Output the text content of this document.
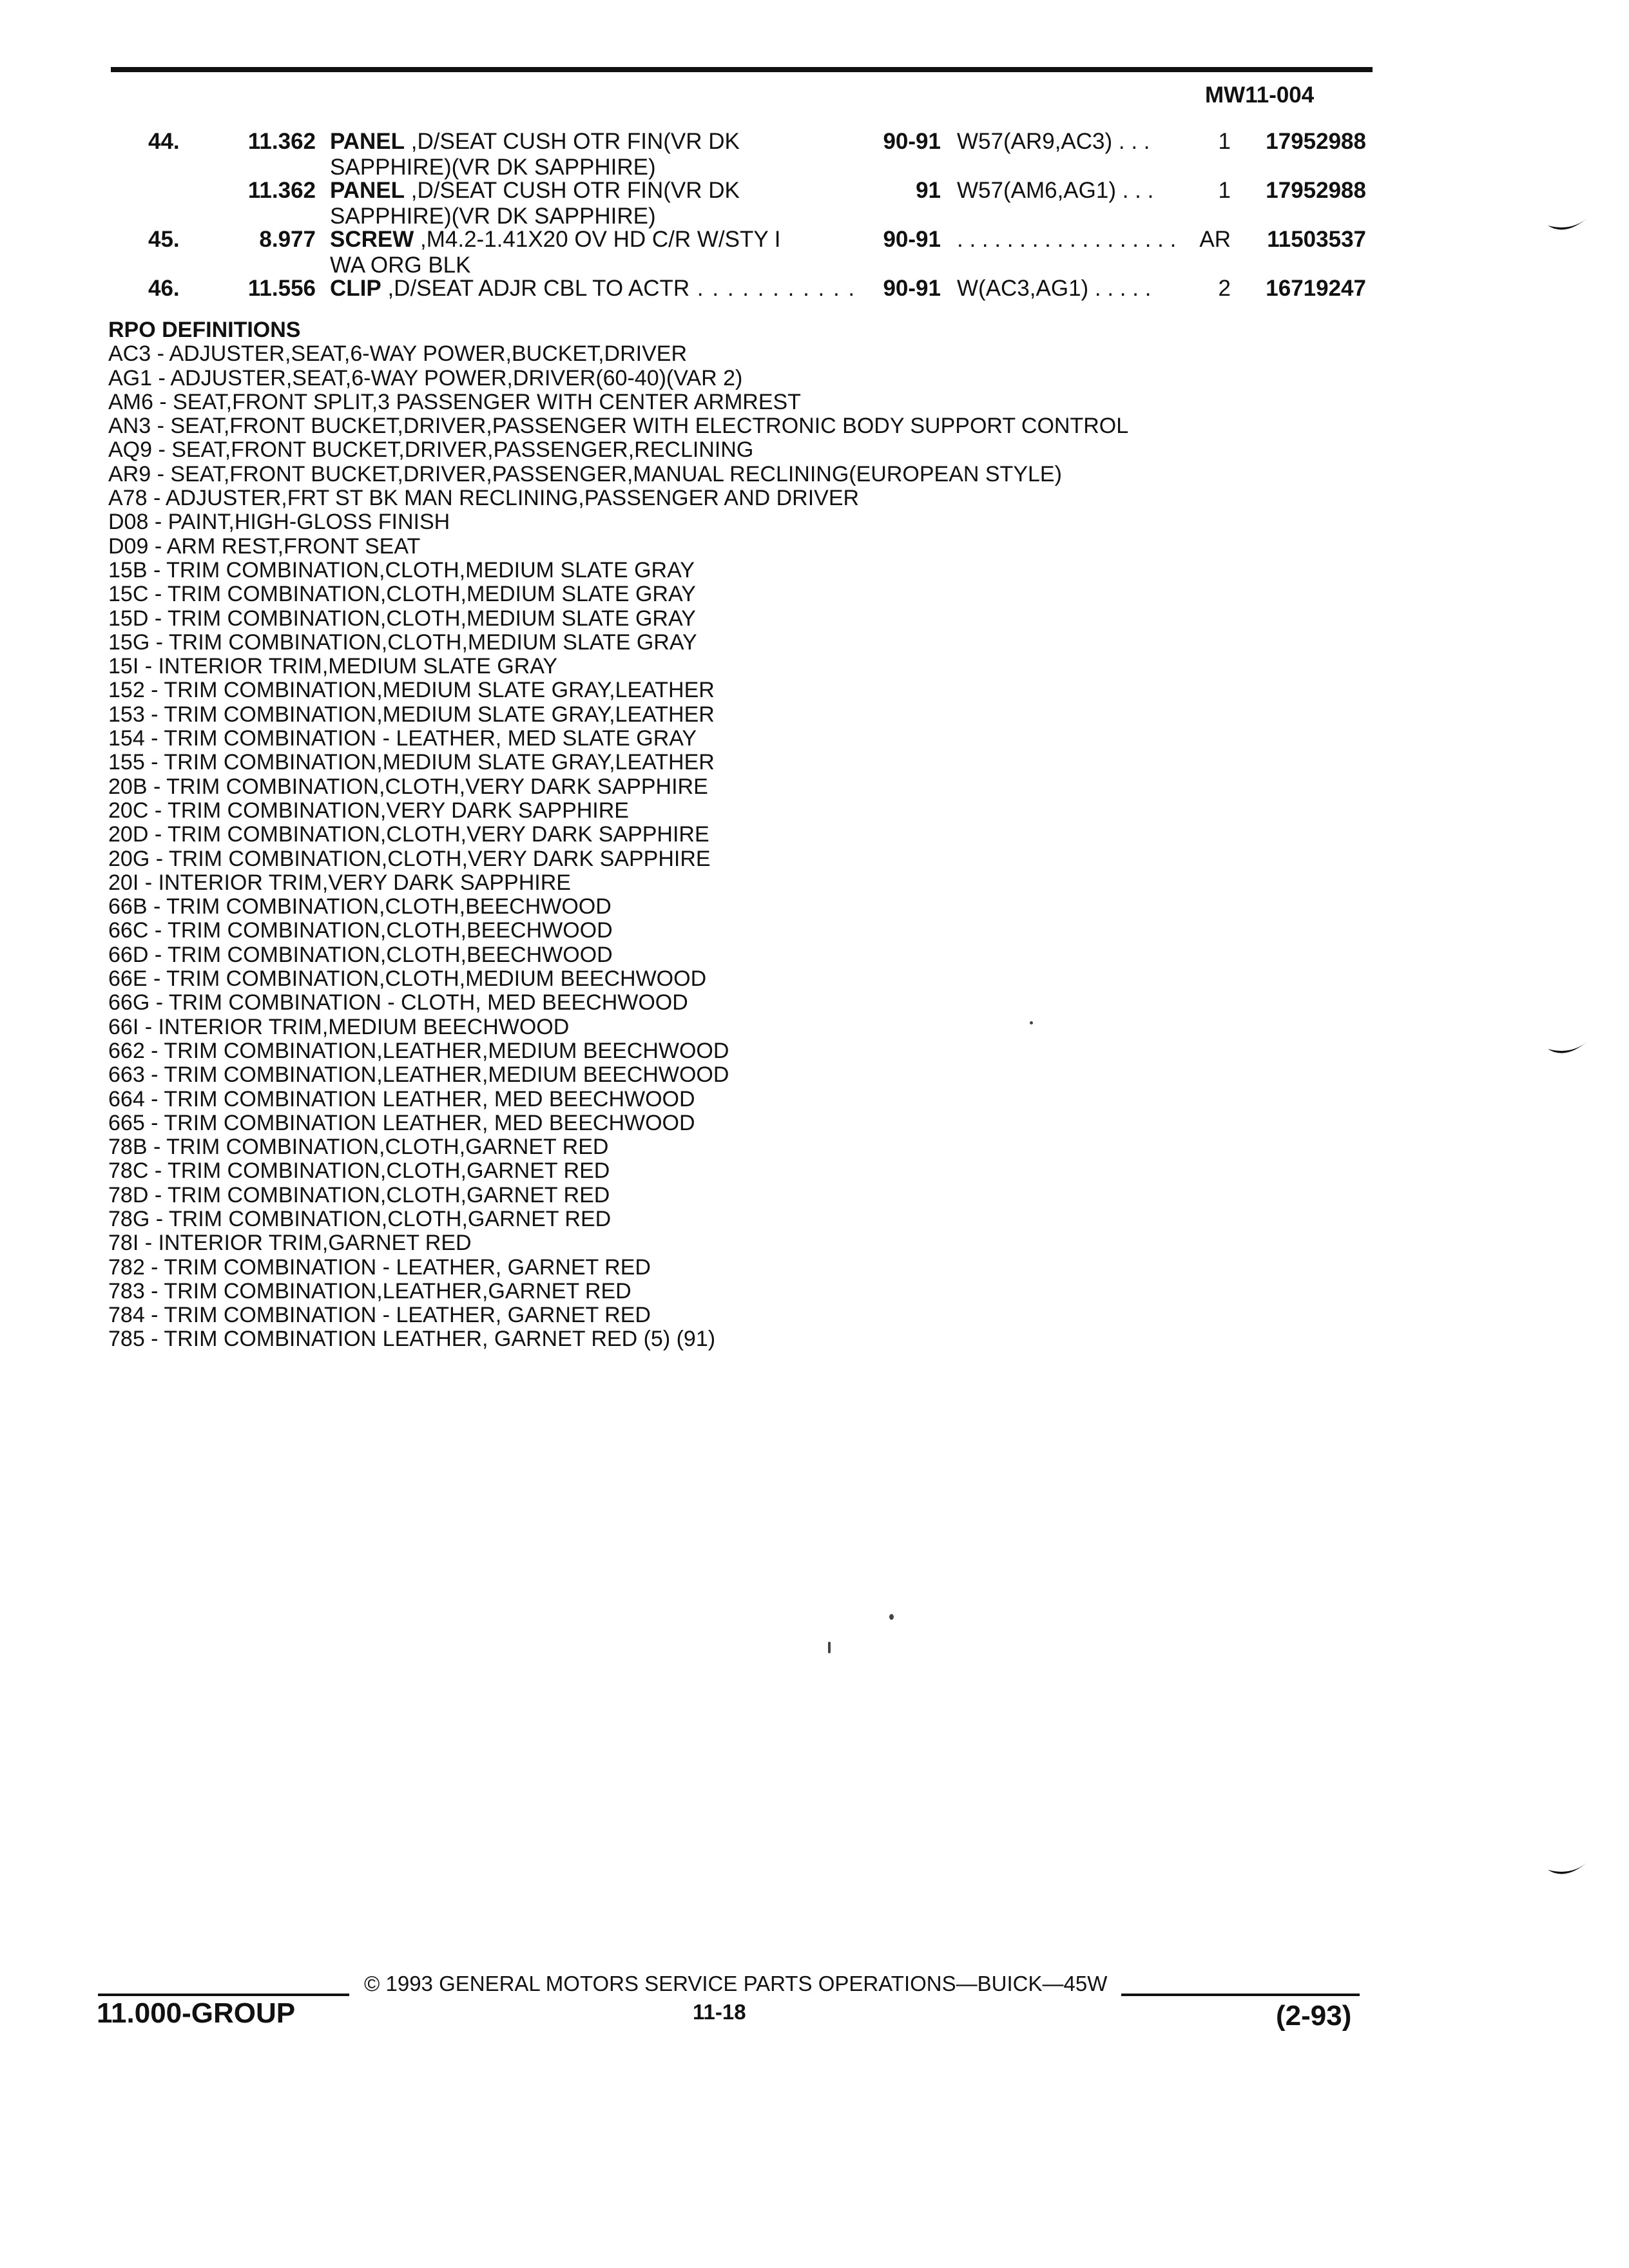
MW11-004
44.	11.362 PANEL ,D/SEAT CUSH OTR FIN(VR DK
SAPPHIRE)(VR DK SAPPHIRE)
90-91 W57(AR9,AC3) . . .	1	17952988
11.362 PANEL ,D/SEAT CUSH OTR FIN(VR DK
SAPPHIRE)(VR DK SAPPHIRE)
91 W57(AM6,AG1) . . .	1	17952988
45.	8.977 SCREW ,M4.2-1.41X20 OV HD C/R W/STY I
WA ORG BLK
90-91 . . . . . . . . . . . . . . . . . .	AR	11503537
46.	11.556 CLIP ,D/SEAT ADJR CBL TO ACTR . . . . . . . . . . .	90-91 W(AC3,AG1) . . . . .	2	16719247
RPO DEFINITIONS
AC3 - ADJUSTER,SEAT,6-WAY POWER,BUCKET,DRIVER
AG1 - ADJUSTER,SEAT,6-WAY POWER,DRIVER(60-40)(VAR 2)
AM6 - SEAT,FRONT SPLIT,3 PASSENGER WITH CENTER ARMREST
AN3 - SEAT,FRONT BUCKET,DRIVER,PASSENGER WITH ELECTRONIC BODY SUPPORT CONTROL
AQ9 - SEAT,FRONT BUCKET,DRIVER,PASSENGER,RECLINING
AR9 - SEAT,FRONT BUCKET,DRIVER,PASSENGER,MANUAL RECLINING(EUROPEAN STYLE)
A78 - ADJUSTER,FRT ST BK MAN RECLINING,PASSENGER AND DRIVER
D08 - PAINT,HIGH-GLOSS FINISH
D09 - ARM REST,FRONT SEAT
15B - TRIM COMBINATION,CLOTH,MEDIUM SLATE GRAY
15C - TRIM COMBINATION,CLOTH,MEDIUM SLATE GRAY
15D - TRIM COMBINATION,CLOTH,MEDIUM SLATE GRAY
15G - TRIM COMBINATION,CLOTH,MEDIUM SLATE GRAY
15I - INTERIOR TRIM,MEDIUM SLATE GRAY
152 - TRIM COMBINATION,MEDIUM SLATE GRAY,LEATHER
153 - TRIM COMBINATION,MEDIUM SLATE GRAY,LEATHER
154 - TRIM COMBINATION - LEATHER, MED SLATE GRAY
155 - TRIM COMBINATION,MEDIUM SLATE GRAY,LEATHER
20B - TRIM COMBINATION,CLOTH,VERY DARK SAPPHIRE
20C - TRIM COMBINATION,VERY DARK SAPPHIRE
20D - TRIM COMBINATION,CLOTH,VERY DARK SAPPHIRE
20G - TRIM COMBINATION,CLOTH,VERY DARK SAPPHIRE
20I - INTERIOR TRIM,VERY DARK SAPPHIRE
66B - TRIM COMBINATION,CLOTH,BEECHWOOD
66C - TRIM COMBINATION,CLOTH,BEECHWOOD
66D - TRIM COMBINATION,CLOTH,BEECHWOOD
66E - TRIM COMBINATION,CLOTH,MEDIUM BEECHWOOD
66G - TRIM COMBINATION - CLOTH, MED BEECHWOOD
66I - INTERIOR TRIM,MEDIUM BEECHWOOD
662 - TRIM COMBINATION,LEATHER,MEDIUM BEECHWOOD
663 - TRIM COMBINATION,LEATHER,MEDIUM BEECHWOOD
664 - TRIM COMBINATION LEATHER, MED BEECHWOOD
665 - TRIM COMBINATION LEATHER, MED BEECHWOOD
78B - TRIM COMBINATION,CLOTH,GARNET RED
78C - TRIM COMBINATION,CLOTH,GARNET RED
78D - TRIM COMBINATION,CLOTH,GARNET RED
78G - TRIM COMBINATION,CLOTH,GARNET RED
78I - INTERIOR TRIM,GARNET RED
782 - TRIM COMBINATION - LEATHER, GARNET RED
783 - TRIM COMBINATION,LEATHER,GARNET RED
784 - TRIM COMBINATION - LEATHER, GARNET RED
785 - TRIM COMBINATION LEATHER, GARNET RED (5) (91)
© 1993 GENERAL MOTORS SERVICE PARTS OPERATIONS—BUICK—45W
11.000-GROUP	11-18	(2-93)
